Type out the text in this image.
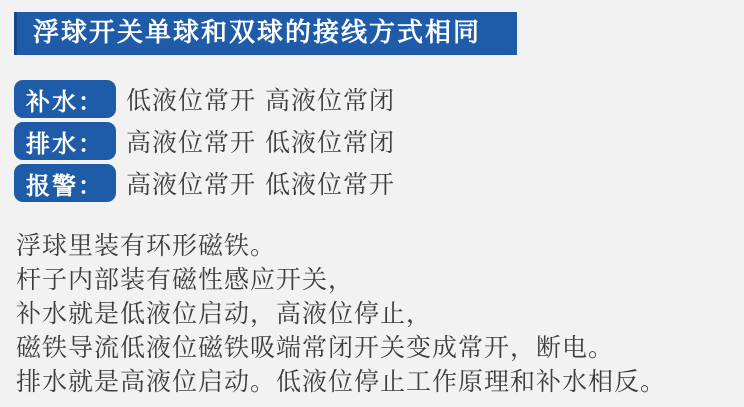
浮球开关单球和双球的接线方式相同
补水： 低液位常开 高液位常闭
排水： 高液位常开 低液位常闭
报警： 高液位常开 低液位常开
浮球里装有环形磁铁。
杆子内部装有磁性感应开关，
补水就是低液位启动，高液位停止，
磁铁导流低液位磁铁吸端常闭开关变成常开，断电。
排水就是高液位启动。低液位停止工作原理和补水相反。
